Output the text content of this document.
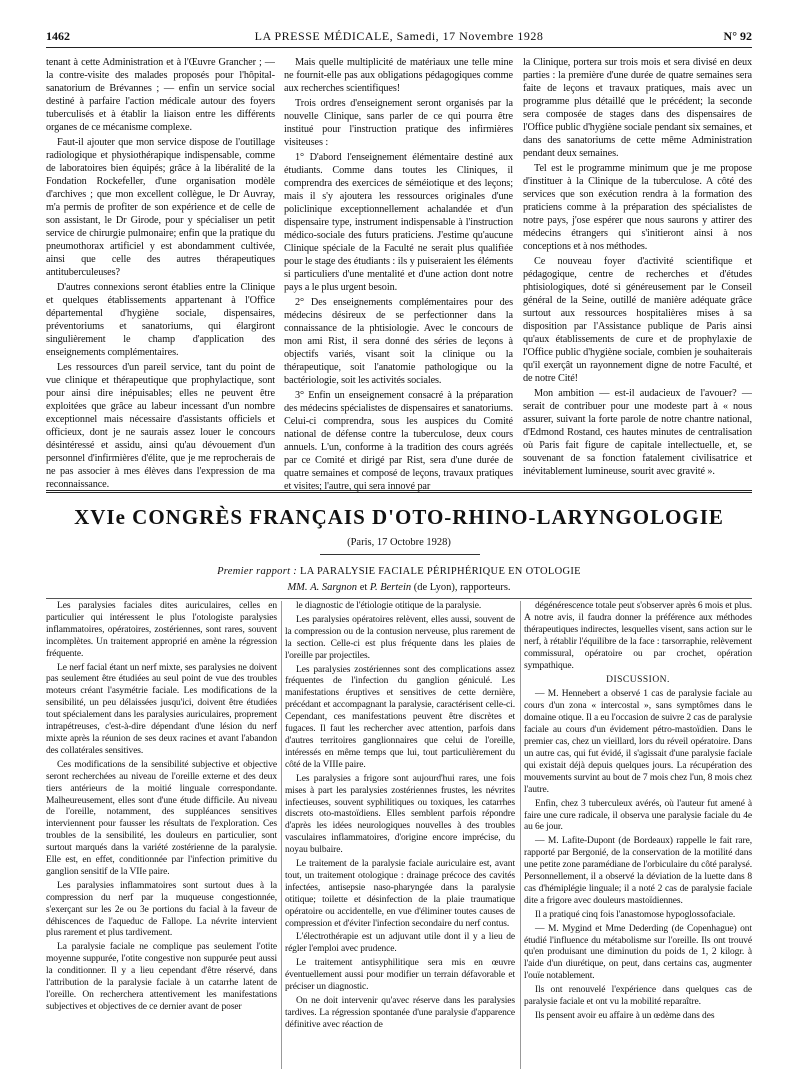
1462	LA PRESSE MÉDICALE, Samedi, 17 Novembre 1928	N° 92

tenant à cette Administration et à l'Œuvre Grancher ; — la contre-visite des malades proposés pour l'hôpital-sanatorium de Brévannes ; — enfin un service social destiné à parfaire l'action médicale autour des foyers tuberculisés et à établir la liaison entre les différents organes de ce mécanisme complexe.

Faut-il ajouter que mon service dispose de l'outillage radiologique et physiothérapique indispensable, comme de laboratoires bien équipés; grâce à la libéralité de la Fondation Rockefeller, d'une organisation modèle d'archives ; que mon excellent collègue, le Dr Auvray, m'a permis de profiter de son expérience et de celle de son assistant, le Dr Girode, pour y spécialiser un petit service de chirurgie pulmonaire; enfin que la pratique du pneumothorax artificiel y est abondamment cultivée, ainsi que celle des autres thérapeutiques antituberculeuses?

D'autres connexions seront établies entre la Clinique et quelques établissements appartenant à l'Office départemental d'hygiène sociale, dispensaires, préventoriums et sanatoriums, qui élargiront singulièrement le champ d'application des enseignements complémentaires.

Les ressources d'un pareil service, tant du point de vue clinique et thérapeutique que prophylactique, sont pour ainsi dire inépuisables; elles ne peuvent être exploitées que grâce au labeur incessant d'un nombre exceptionnel mais nécessaire d'assistants officiels et officieux, dont je ne saurais assez louer le concours désintéressé et assidu, ainsi qu'au dévouement d'un personnel d'infirmières d'élite, que je me reprocherais de ne pas associer à mes élèves dans l'expression de ma reconnaissance.

Mais quelle multiplicité de matériaux une telle mine ne fournit-elle pas aux obligations pédagogiques comme aux recherches scientifiques!

Trois ordres d'enseignement seront organisés par la nouvelle Clinique, sans parler de ce qui pourra être institué pour l'instruction pratique des infirmières visiteuses :

1° D'abord l'enseignement élémentaire destiné aux étudiants. Comme dans toutes les Cliniques, il comprendra des exercices de séméiotique et des leçons; mais il s'y ajoutera les ressources originales d'une policlinique exceptionnellement achalandée et d'un dispensaire type, instrument indispensable à l'instruction médico-sociale des futurs praticiens. J'estime qu'aucune Clinique spéciale de la Faculté ne serait plus qualifiée pour le stage des étudiants : ils y puiseraient les éléments si particuliers d'une mentalité et d'une action dont notre pays a le plus urgent besoin.

2° Des enseignements complémentaires pour des médecins désireux de se perfectionner dans la connaissance de la phtisiologie. Avec le concours de mon ami Rist, il sera donné des séries de leçons à objectifs variés, visant soit la clinique ou la thérapeutique, soit l'anatomie pathologique ou la bactériologie, soit les activités sociales.

3° Enfin un enseignement consacré à la préparation des médecins spécialistes de dispensaires et sanatoriums. Celui-ci comprendra, sous les auspices du Comité national de défense contre la tuberculose, deux cours annuels. L'un, conforme à la tradition des cours agréés par ce Comité et dirigé par Rist, sera d'une durée de quatre semaines et composé de leçons, travaux pratiques et visites; l'autre, qui sera innové par

la Clinique, portera sur trois mois et sera divisé en deux parties : la première d'une durée de quatre semaines sera faite de leçons et travaux pratiques, mais avec un programme plus détaillé que le précédent; la seconde sera composée de stages dans des dispensaires de l'Office public d'hygiène sociale pendant six semaines, et dans des sanatoriums de cette même Administration pendant deux semaines.

Tel est le programme minimum que je me propose d'instituer à la Clinique de la tuberculose. A côté des services que son exécution rendra à la formation des praticiens comme à la préparation des spécialistes de notre pays, j'ose espérer que nous saurons y attirer des médecins étrangers qui s'initieront ainsi à nos conceptions et à nos méthodes.

Ce nouveau foyer d'activité scientifique et pédagogique, centre de recherches et d'études phtisiologiques, doté si généreusement par le Conseil général de la Seine, outillé de manière adéquate grâce surtout aux ressources hospitalières mises à sa disposition par l'Assistance publique de Paris ainsi qu'aux établissements de cure et de prophylaxie de l'Office public d'hygiène sociale, combien je souhaiterais qu'il exerçât un rayonnement digne de notre Faculté, et de notre Cité!

Mon ambition — est-il audacieux de l'avouer? — serait de contribuer pour une modeste part à « nous assurer, suivant la forte parole de notre chantre national, d'Edmond Rostand, ces hautes minutes de centralisation où Paris fait figure de capitale intellectuelle, et, se souvenant de sa fonction fatalement civilisatrice et inévitablement lumineuse, sourit avec gravité ».

XVIe CONGRÈS FRANÇAIS D'OTO-RHINO-LARYNGOLOGIE
(Paris, 17 Octobre 1928)
Premier rapport : LA PARALYSIE FACIALE PÉRIPHÉRIQUE EN OTOLOGIE
MM. A. Sargnon et P. Bertein (de Lyon), rapporteurs.

Les paralysies faciales dites auriculaires, celles en particulier qui intéressent le plus l'otologiste paralysies inflammatoires, opératoires, zostériennes, sont rares, souvent incomplètes. Un traitement approprié en amène la régression fréquente.

Le nerf facial étant un nerf mixte, ses paralysies ne doivent pas seulement être étudiées au seul point de vue des troubles moteurs créant l'asymétrie faciale. Les modifications de la sensibilité, un peu délaissées jusqu'ici, doivent être étudiées tout spécialement dans les paralysies auriculaires, proprement intrapétreuses, c'est-à-dire dépendant d'une lésion du nerf mixte après la réunion de ses deux racines et avant l'abandon des collatérales sensitives.

Ces modifications de la sensibilité subjective et objective seront recherchées au niveau de l'oreille externe et des deux tiers antérieurs de la moitié linguale correspondante. Malheureusement, elles sont d'une étude difficile. Au niveau de l'oreille, notamment, des suppléances sensitives interviennent pour fausser les résultats de l'exploration. Ces troubles de la sensibilité, les douleurs en particulier, sont surtout marqués dans la variété zostérienne de la paralysie. Elle est, en effet, conditionnée par l'infection primitive du ganglion sensitif de la VIIe paire.

Les paralysies inflammatoires sont surtout dues à la compression du nerf par la muqueuse congestionnée, s'exerçant sur les 2e ou 3e portions du facial à la faveur de déhiscences de l'aqueduc de Fallope. La névrite intervient plus rarement et plus tardivement.

La paralysie faciale ne complique pas seulement l'otite moyenne suppurée, l'otite congestive non suppurée peut aussi la conditionner. Il y a lieu cependant d'être réservé, dans l'attribution de la paralysie faciale à un catarrhe latent de l'oreille. On recherchera attentivement les manifestations subjectives et objectives de ce dernier avant de poser

le diagnostic de l'étiologie otitique de la paralysie.

Les paralysies opératoires relèvent, elles aussi, souvent de la compression ou de la contusion nerveuse, plus rarement de la section. Celle-ci est plus fréquente dans les plaies de l'oreille par projectiles.

Les paralysies zostériennes sont des complications assez fréquentes de l'infection du ganglion géniculé. Les manifestations éruptives et sensitives de cette dernière, précédant et accompagnant la paralysie, caractérisent celle-ci. Cependant, ces manifestations peuvent être discrètes et fugaces. Il faut les rechercher avec attention, parfois dans d'autres territoires ganglionnaires que celui de l'oreille, intéressés en même temps que lui, tout particulièrement du côté de la VIIIe paire.

Les paralysies a frigore sont aujourd'hui rares, une fois mises à part les paralysies zostériennes frustes, les névrites infectieuses, souvent syphilitiques ou toxiques, les catarrhes discrets oto-mastoïdiens. Elles semblent parfois répondre d'après les idées neurologiques nouvelles à des troubles vasculaires inflammatoires, d'origine encore imprécise, du noyau bulbaire.

Le traitement de la paralysie faciale auriculaire est, avant tout, un traitement otologique : drainage précoce des cavités infectées, antisepsie naso-pharyngée dans la paralysie otitique; toilette et désinfection de la plaie traumatique opératoire ou accidentelle, en vue d'éliminer toutes causes de compression et d'éviter l'infection secondaire du nerf contus.

L'électrothérapie est un adjuvant utile dont il y a lieu de régler l'emploi avec prudence.

Le traitement antisyphilitique sera mis en œuvre éventuellement aussi pour modifier un terrain défavorable et préciser un diagnostic.

On ne doit intervenir qu'avec réserve dans les paralysies tardives. La régression spontanée d'une paralysie d'apparence définitive avec réaction de

dégénérescence totale peut s'observer après 6 mois et plus. A notre avis, il faudra donner la préférence aux méthodes thérapeutiques indirectes, lesquelles visent, sans action sur le nerf, à rétablir l'équilibre de la face : tarsorraphie, relèvement commissural, opératoire ou par crochet, opération sympathique.

DISCUSSION.

— M. Hennebert a observé 1 cas de paralysie faciale au cours d'un zona « intercostal », sans symptômes dans le domaine otique. Il a eu l'occasion de suivre 2 cas de paralysie faciale au cours d'un évidement pétro-mastoïdien. Dans le premier cas, chez un vieillard, lors du réveil opératoire. Dans un autre cas, qui fut évidé, il s'agissait d'une paralysie faciale qui existait déjà depuis quelques jours. La récupération des mouvements survint au bout de 7 mois chez l'un, 8 mois chez l'autre.

Enfin, chez 3 tuberculeux avérés, où l'auteur fut amené à faire une cure radicale, il observa une paralysie faciale du 4e au 6e jour.

— M. Lafite-Dupont (de Bordeaux) rappelle le fait rare, rapporté par Bergonié, de la conservation de la motilité dans une petite zone paramédiane de l'orbiculaire du côté paralysé. Personnellement, il a observé la déviation de la luette dans 8 cas d'hémiplégie linguale; il a noté 2 cas de paralysie faciale dite a frigore avec douleurs mastoïdiennes.

Il a pratiqué cinq fois l'anastomose hypoglossofaciale.

— M. Mygind et Mme Dederding (de Copenhague) ont étudié l'influence du métabolisme sur l'oreille. Ils ont trouvé qu'en produisant une diminution du poids de 1, 2 kilogr. à l'aide d'un diurétique, on peut, dans certains cas, augmenter l'ouïe notablement.

Ils ont renouvelé l'expérience dans quelques cas de paralysie faciale et ont vu la mobilité reparaître.

Ils pensent avoir eu affaire à un œdème dans des
